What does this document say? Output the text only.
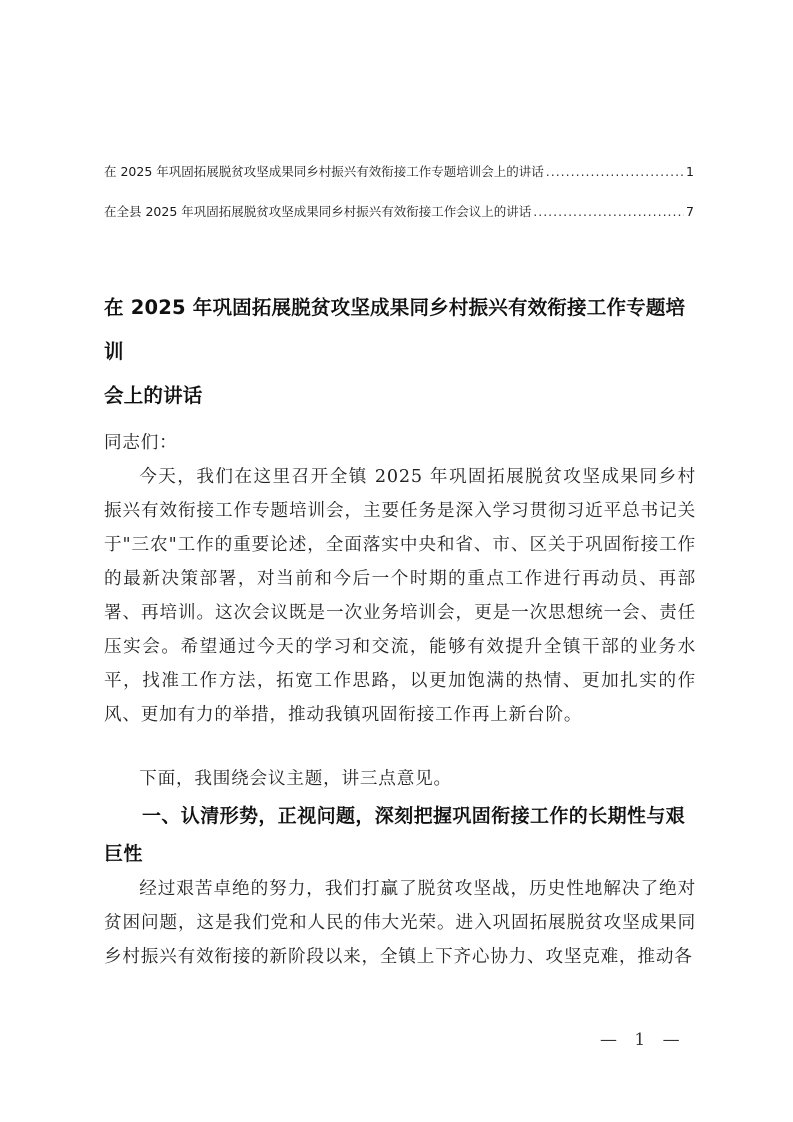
在 2025 年巩固拓展脱贫攻坚成果同乡村振兴有效衔接工作专题培训会上的讲话 .....	1
在全县 2025 年巩固拓展脱贫攻坚成果同乡村振兴有效衔接工作会议上的讲话 .....	7
在 2025 年巩固拓展脱贫攻坚成果同乡村振兴有效衔接工作专题培训
会上的讲话
同志们：
今天，我们在这里召开全镇 2025 年巩固拓展脱贫攻坚成果同乡村振兴有效衔接工作专题培训会，主要任务是深入学习贯彻习近平总书记关于"三农"工作的重要论述，全面落实中央和省、市、区关于巩固衔接工作的最新决策部署，对当前和今后一个时期的重点工作进行再动员、再部署、再培训。这次会议既是一次业务培训会，更是一次思想统一会、责任压实会。希望通过今天的学习和交流，能够有效提升全镇干部的业务水平，找准工作方法，拓宽工作思路，以更加饱满的热情、更加扎实的作风、更加有力的举措，推动我镇巩固衔接工作再上新台阶。
下面，我围绕会议主题，讲三点意见。
一、认清形势，正视问题，深刻把握巩固衔接工作的长期性与艰巨性
经过艰苦卓绝的努力，我们打赢了脱贫攻坚战，历史性地解决了绝对贫困问题，这是我们党和人民的伟大光荣。进入巩固拓展脱贫攻坚成果同乡村振兴有效衔接的新阶段以来，全镇上下齐心协力、攻坚克难，推动各
— 1 —
